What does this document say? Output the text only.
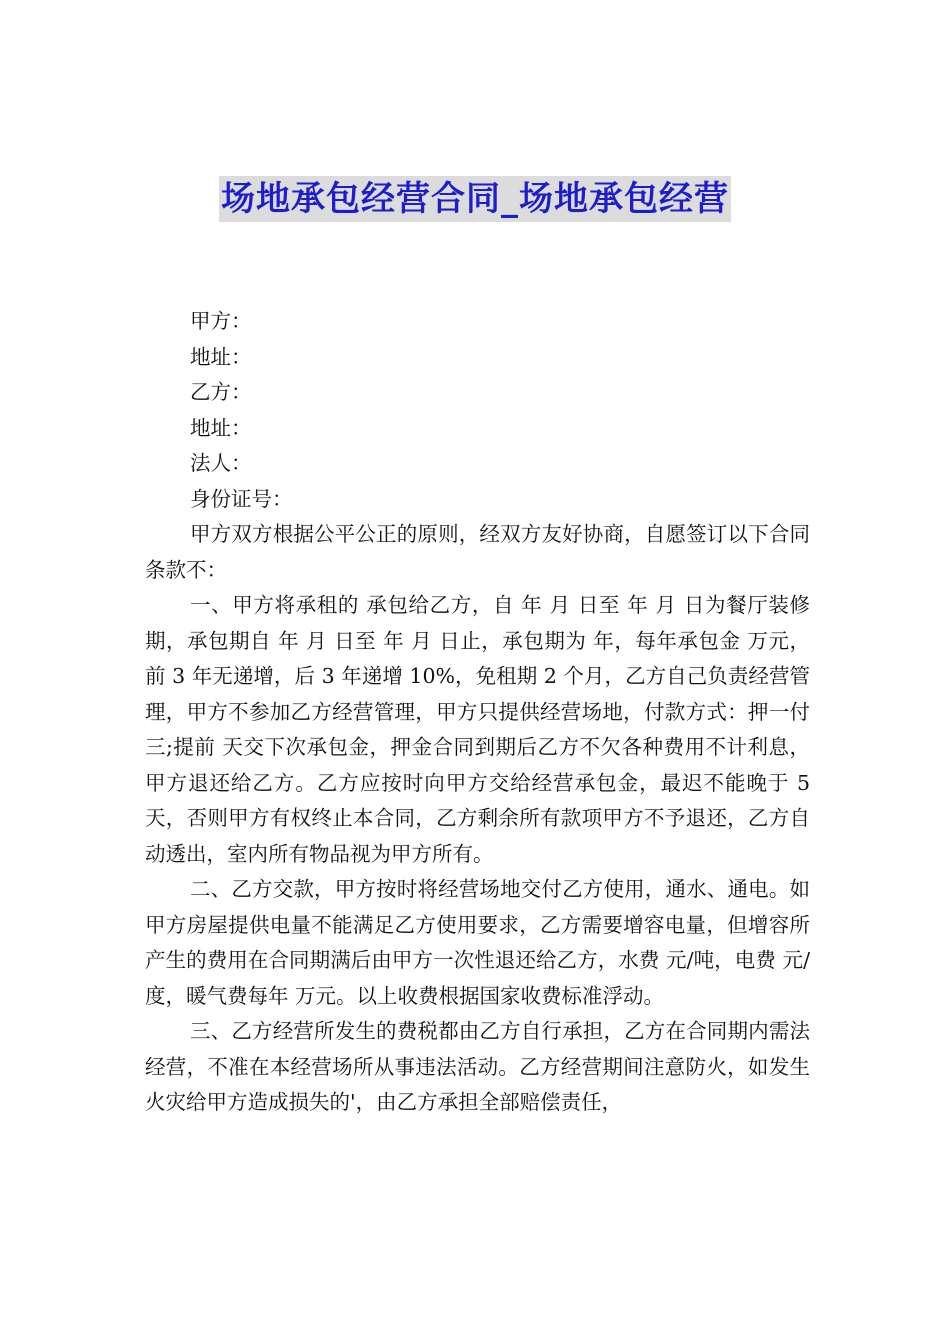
场地承包经营合同_场地承包经营

甲方：

地址：

乙方：

地址：

法人：

身份证号：

甲方双方根据公平公正的原则，经双方友好协商，自愿签订以下合同条款不：

一、甲方将承租的 承包给乙方，自 年 月 日至 年 月 日为餐厅装修 期，承包期自 年 月 日至 年 月 日止，承包期为 年，每年承包金 万元，前 3 年无递增，后 3 年递增 10%，免租期 2 个月，乙方自己负责经营管理，甲方不参加乙方经营管理，甲方只提供经营场地，付款方式：押一付三;提前 天交下次承包金，押金合同到期后乙方不欠各种费用不计利息，甲方退还给乙方。乙方应按时向甲方交给经营承包金，最迟不能晚于 5 天，否则甲方有权终止本合同，乙方剩余所有款项甲方不予退还，乙方自动透出，室内所有物品视为甲方所有。

二、乙方交款，甲方按时将经营场地交付乙方使用，通水、通电。如甲方房屋提供电量不能满足乙方使用要求，乙方需要增容电量，但增容所产生的费用在合同期满后由甲方一次性退还给乙方，水费 元/吨，电费 元/度，暖气费每年 万元。以上收费根据国家收费标准浮动。

三、乙方经营所发生的费税都由乙方自行承担，乙方在合同期内需法经营，不准在本经营场所从事违法活动。乙方经营期间注意防火，如发生火灾给甲方造成损失的'，由乙方承担全部赔偿责任，
